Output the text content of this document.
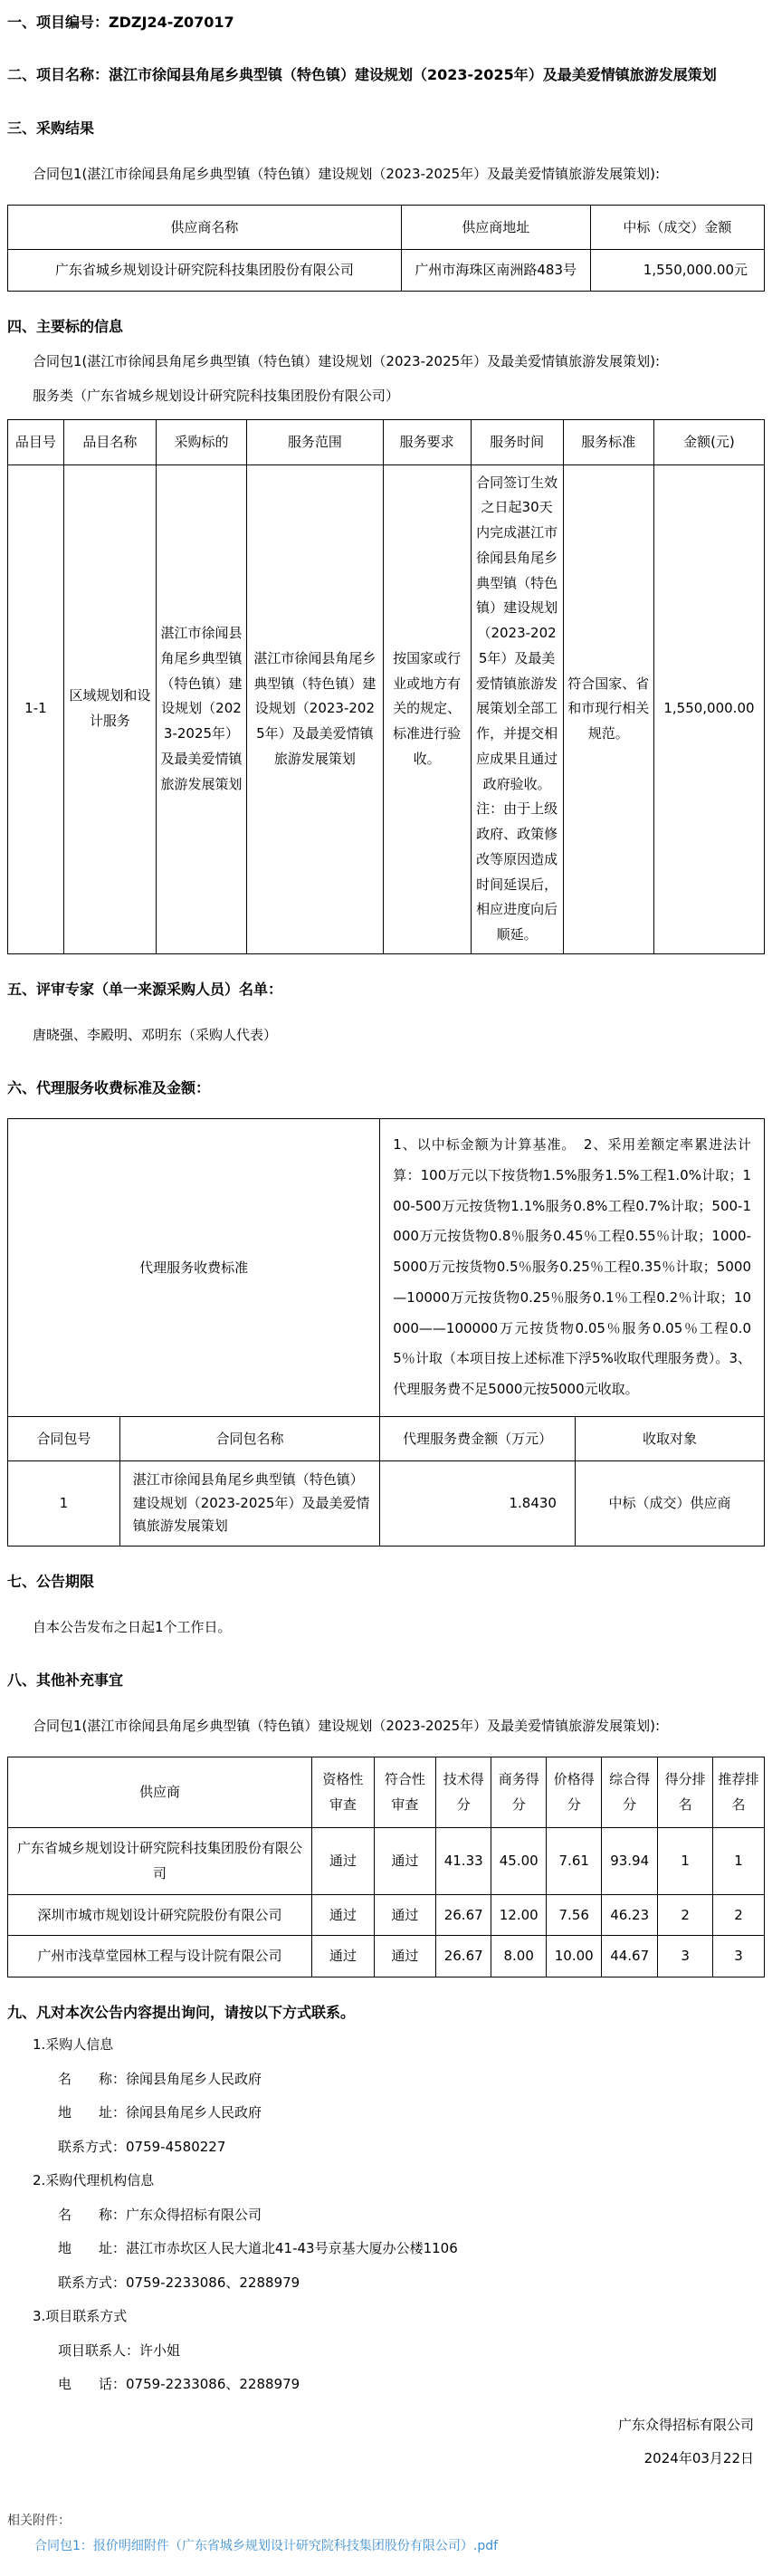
一、项目编号：ZDZJ24-Z07017

二、项目名称：湛江市徐闻县角尾乡典型镇（特色镇）建设规划（2023-2025年）及最美爱情镇旅游发展策划

三、采购结果

合同包1(湛江市徐闻县角尾乡典型镇（特色镇）建设规划（2023-2025年）及最美爱情镇旅游发展策划):

供应商名称	供应商地址	中标（成交）金额
广东省城乡规划设计研究院科技集团股份有限公司	广州市海珠区南洲路483号	1,550,000.00元

四、主要标的信息

合同包1(湛江市徐闻县角尾乡典型镇（特色镇）建设规划（2023-2025年）及最美爱情镇旅游发展策划):

服务类（广东省城乡规划设计研究院科技集团股份有限公司）

品目号	品目名称	采购标的	服务范围	服务要求	服务时间	服务标准	金额(元)
1-1	区域规划和设计服务	湛江市徐闻县角尾乡典型镇（特色镇）建设规划（2023-2025年）及最美爱情镇旅游发展策划	湛江市徐闻县角尾乡典型镇（特色镇）建设规划（2023-2025年）及最美爱情镇旅游发展策划	按国家或行业或地方有关的规定、标准进行验收。	合同签订生效之日起30天内完成湛江市徐闻县角尾乡典型镇（特色镇）建设规划（2023-2025年）及最美爱情镇旅游发展策划全部工作，并提交相应成果且通过政府验收。 注：由于上级政府、政策修改等原因造成时间延误后，相应进度向后顺延。	符合国家、省和市现行相关规范。	1,550,000.00

五、评审专家（单一来源采购人员）名单：

唐晓强、李殿明、邓明东（采购人代表）

六、代理服务收费标准及金额：

代理服务收费标准		1、以中标金额为计算基准。　2、采用差额定率累进法计算：100万元以下按货物1.5%服务1.5%工程1.0%计取；100-500万元按货物1.1%服务0.8%工程0.7%计取；500-1000万元按货物0.8％服务0.45％工程0.55％计取；1000-5000万元按货物0.5％服务0.25％工程0.35％计取；5000—10000万元按货物0.25％服务0.1％工程0.2％计取；10000——100000万元按货物0.05％服务0.05％工程0.05％计取（本项目按上述标准下浮5%收取代理服务费）。3、代理服务费不足5000元按5000元收取。	
合同包号	合同包名称	代理服务费金额（万元）	收取对象
1	湛江市徐闻县角尾乡典型镇（特色镇）建设规划（2023-2025年）及最美爱情镇旅游发展策划	1.8430	中标（成交）供应商

七、公告期限

自本公告发布之日起1个工作日。

八、其他补充事宜

合同包1(湛江市徐闻县角尾乡典型镇（特色镇）建设规划（2023-2025年）及最美爱情镇旅游发展策划):

供应商	资格性审查	符合性审查	技术得分	商务得分	价格得分	综合得分	得分排名	推荐排名
广东省城乡规划设计研究院科技集团股份有限公司	通过	通过	41.33	45.00	7.61	93.94	1	1
深圳市城市规划设计研究院股份有限公司	通过	通过	26.67	12.00	7.56	46.23	2	2
广州市浅草堂园林工程与设计院有限公司	通过	通过	26.67	8.00	10.00	44.67	3	3

九、凡对本次公告内容提出询问，请按以下方式联系。

1.采购人信息

名　　称：徐闻县角尾乡人民政府

地　　址：徐闻县角尾乡人民政府

联系方式：0759-4580227

2.采购代理机构信息

名　　称：广东众得招标有限公司

地　　址：湛江市赤坎区人民大道北41-43号京基大厦办公楼1106

联系方式：0759-2233086、2288979

3.项目联系方式

项目联系人：许小姐

电　　话：0759-2233086、2288979

广东众得招标有限公司

2024年03月22日

相关附件：
合同包1：报价明细附件（广东省城乡规划设计研究院科技集团股份有限公司）.pdf
